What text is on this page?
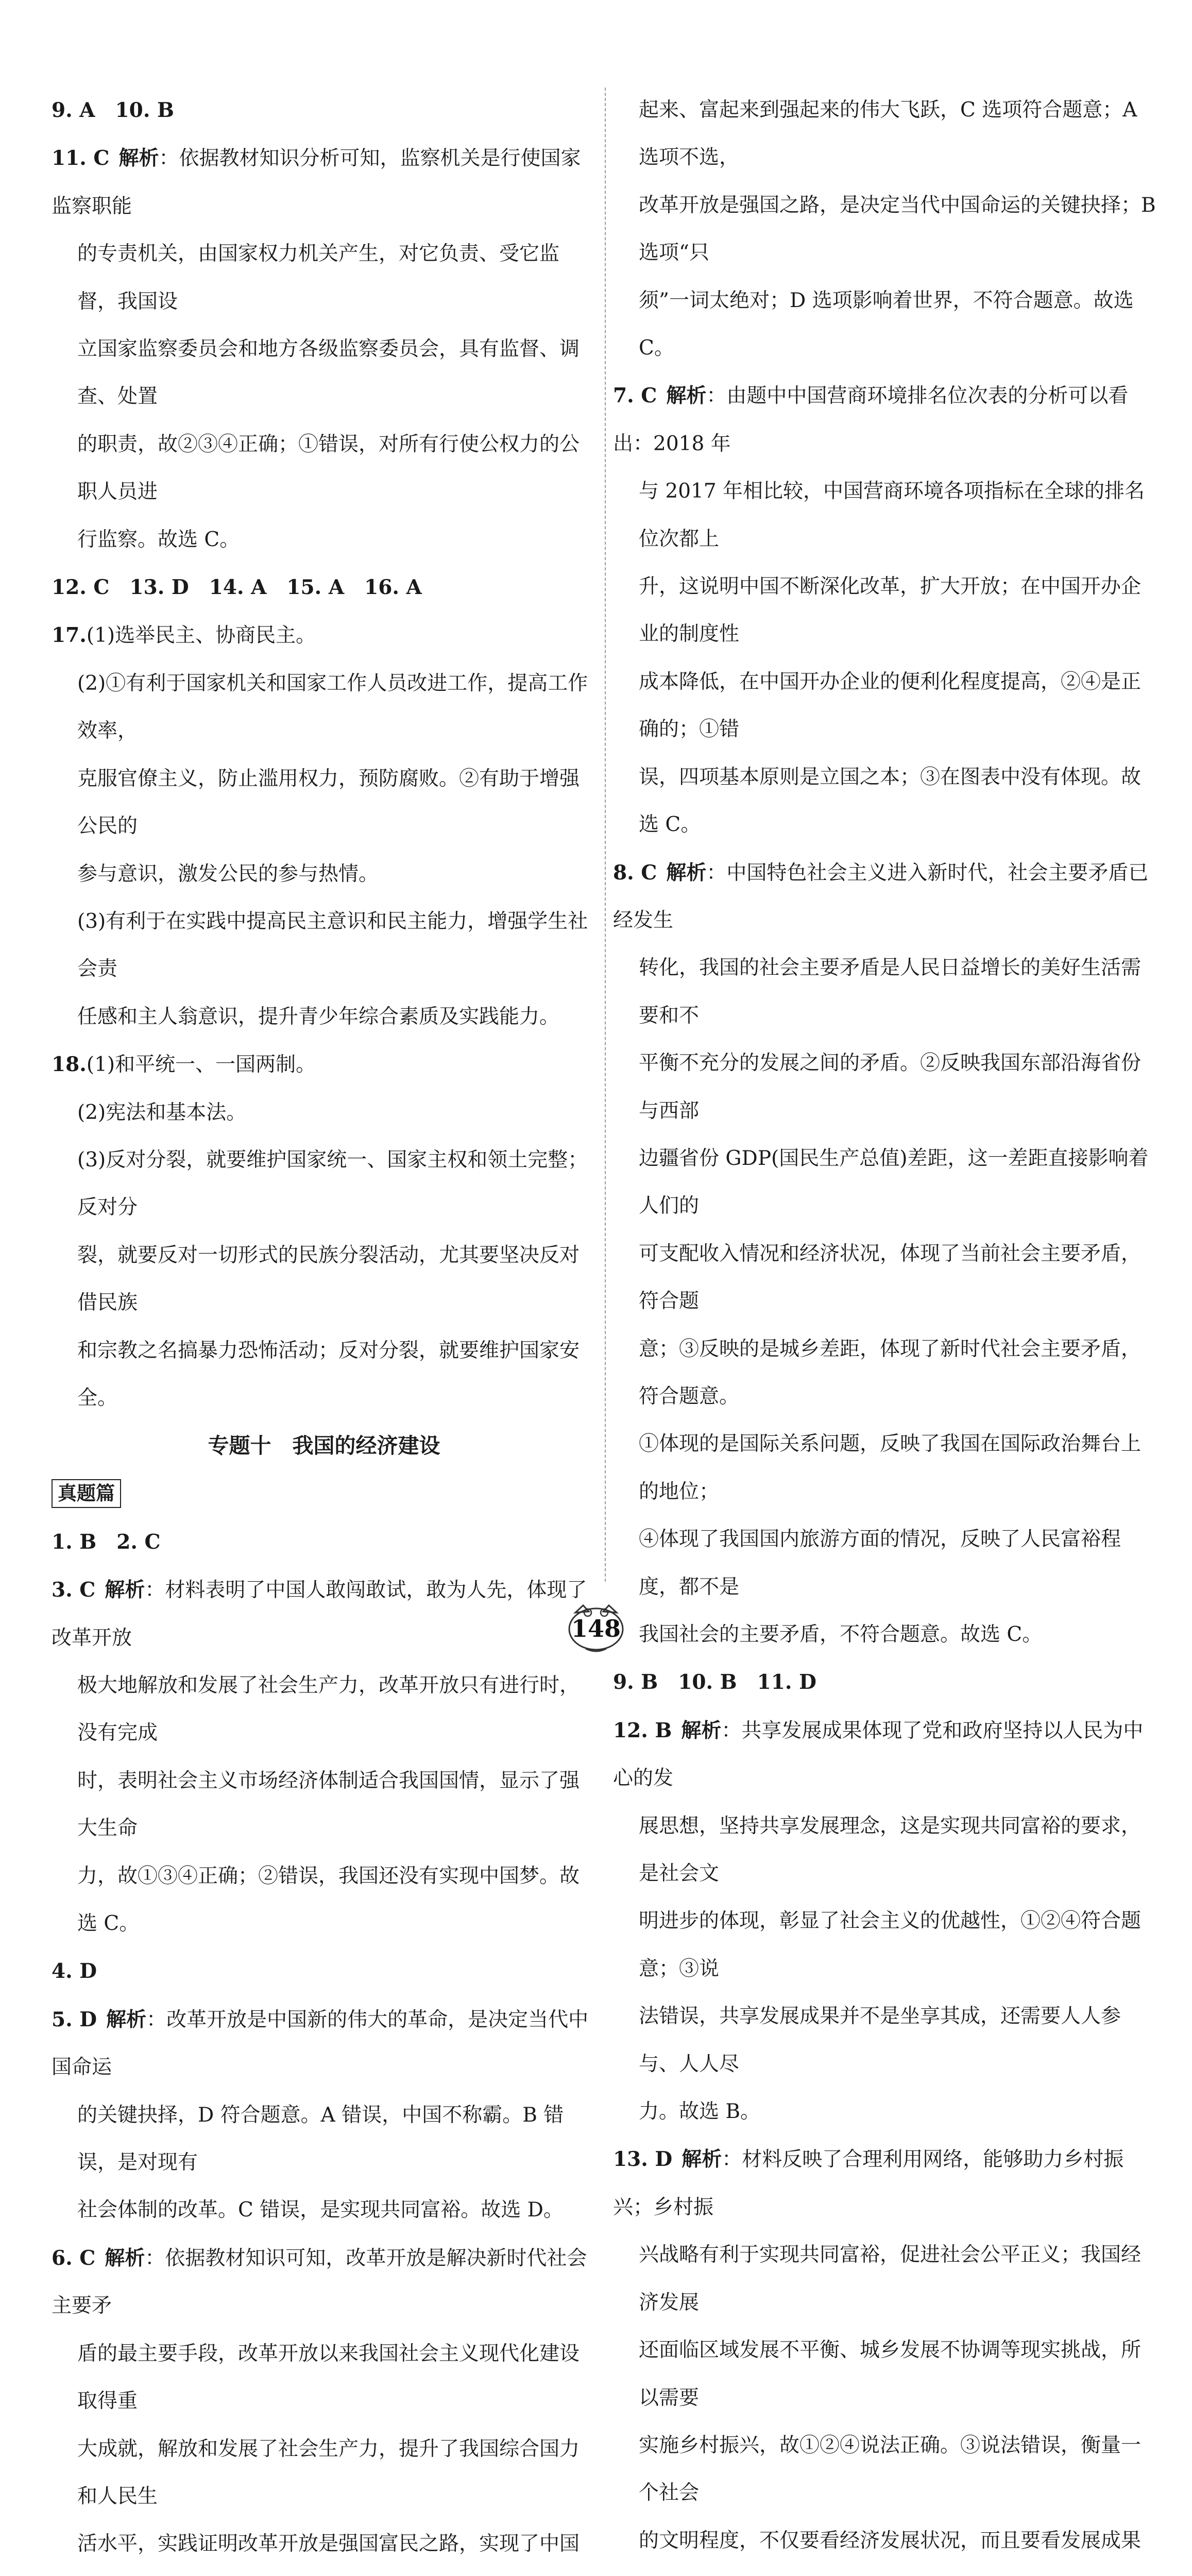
9. A　10. B

11. C 解析：依据教材知识分析可知，监察机关是行使国家监察职能

的专责机关，由国家权力机关产生，对它负责、受它监督，我国设

立国家监察委员会和地方各级监察委员会，具有监督、调查、处置

的职责，故②③④正确；①错误，对所有行使公权力的公职人员进

行监察。故选 C。

12. C　13. D　14. A　15. A　16. A

17.(1)选举民主、协商民主。

(2)①有利于国家机关和国家工作人员改进工作，提高工作效率，

克服官僚主义，防止滥用权力，预防腐败。②有助于增强公民的

参与意识，激发公民的参与热情。

(3)有利于在实践中提高民主意识和民主能力，增强学生社会责

任感和主人翁意识，提升青少年综合素质及实践能力。

18.(1)和平统一、一国两制。

(2)宪法和基本法。

(3)反对分裂，就要维护国家统一、国家主权和领土完整；反对分

裂，就要反对一切形式的民族分裂活动，尤其要坚决反对借民族

和宗教之名搞暴力恐怖活动；反对分裂，就要维护国家安全。

专题十　我国的经济建设

真题篇

1. B　2. C

3. C 解析：材料表明了中国人敢闯敢试，敢为人先，体现了改革开放

极大地解放和发展了社会生产力，改革开放只有进行时，没有完成

时，表明社会主义市场经济体制适合我国国情，显示了强大生命

力，故①③④正确；②错误，我国还没有实现中国梦。故选 C。

4. D

5. D 解析：改革开放是中国新的伟大的革命，是决定当代中国命运

的关键抉择，D 符合题意。A 错误，中国不称霸。B 错误，是对现有

社会体制的改革。C 错误，是实现共同富裕。故选 D。

6. C 解析：依据教材知识可知，改革开放是解决新时代社会主要矛

盾的最主要手段，改革开放以来我国社会主义现代化建设取得重

大成就，解放和发展了社会生产力，提升了我国综合国力和人民生

活水平，实践证明改革开放是强国富民之路，实现了中国

起来、富起来到强起来的伟大飞跃，C 选项符合题意；A 选项不选，

改革开放是强国之路，是决定当代中国命运的关键抉择；B 选项“只

须”一词太绝对；D 选项影响着世界，不符合题意。故选 C。

7. C 解析：由题中中国营商环境排名位次表的分析可以看出：2018 年

与 2017 年相比较，中国营商环境各项指标在全球的排名位次都上

升，这说明中国不断深化改革，扩大开放；在中国开办企业的制度性

成本降低，在中国开办企业的便利化程度提高，②④是正确的；①错

误，四项基本原则是立国之本；③在图表中没有体现。故选 C。

8. C 解析：中国特色社会主义进入新时代，社会主要矛盾已经发生

转化，我国的社会主要矛盾是人民日益增长的美好生活需要和不

平衡不充分的发展之间的矛盾。②反映我国东部沿海省份与西部

边疆省份 GDP(国民生产总值)差距，这一差距直接影响着人们的

可支配收入情况和经济状况，体现了当前社会主要矛盾，符合题

意；③反映的是城乡差距，体现了新时代社会主要矛盾，符合题意。

①体现的是国际关系问题，反映了我国在国际政治舞台上的地位；

④体现了我国国内旅游方面的情况，反映了人民富裕程度，都不是

我国社会的主要矛盾，不符合题意。故选 C。

9. B　10. B　11. D

12. B 解析：共享发展成果体现了党和政府坚持以人民为中心的发

展思想，坚持共享发展理念，这是实现共同富裕的要求，是社会文

明进步的体现，彰显了社会主义的优越性，①②④符合题意；③说

法错误，共享发展成果并不是坐享其成，还需要人人参与、人人尽

力。故选 B。

13. D 解析：材料反映了合理利用网络，能够助力乡村振兴；乡村振

兴战略有利于实现共同富裕，促进社会公平正义；我国经济发展

还面临区域发展不平衡、城乡发展不协调等现实挑战，所以需要

实施乡村振兴，故①②④说法正确。③说法错误，衡量一个社会

的文明程度，不仅要看经济发展状况，而且要看发展成果

148
